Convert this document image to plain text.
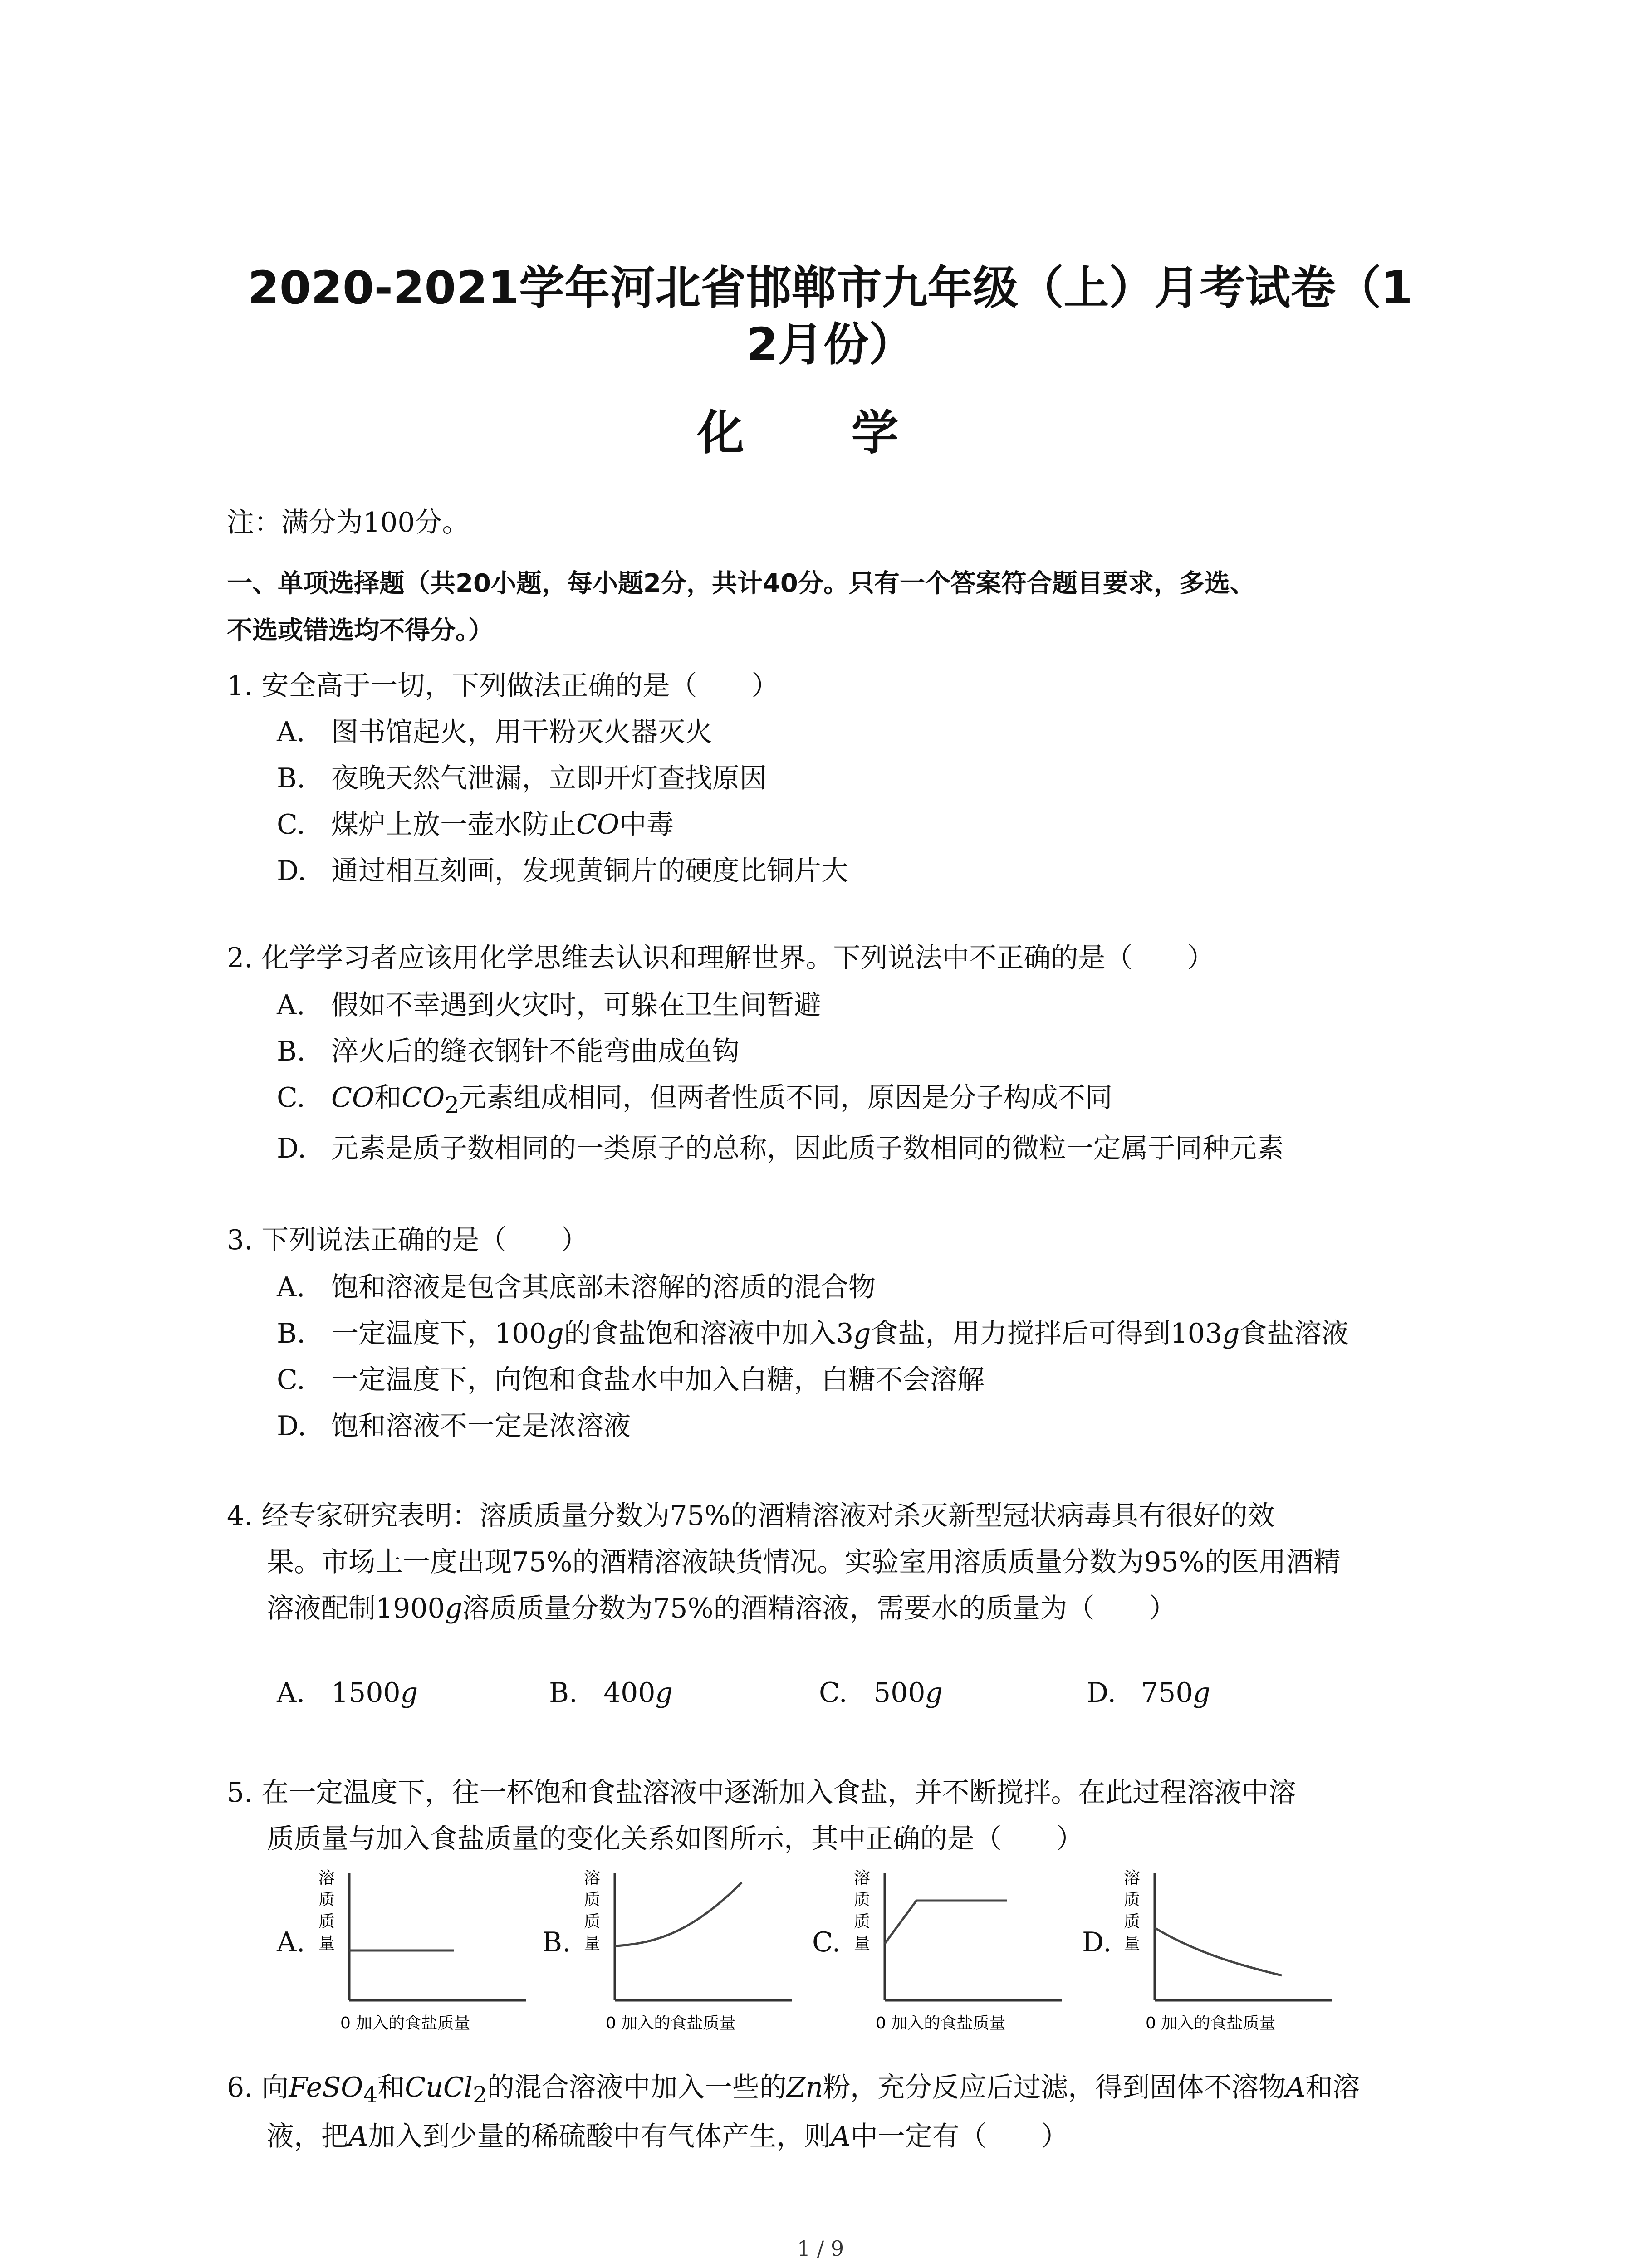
2020-2021学年河北省邯郸市九年级（上）月考试卷（1
2月份）
化 学
注：满分为100分。
一、单项选择题（共20小题，每小题2分，共计40分。只有一个答案符合题目要求，多选、
不选或错选均不得分。）
1. 安全高于一切，下列做法正确的是（　　）
A. 图书馆起火，用干粉灭火器灭火
B. 夜晚天然气泄漏，立即开灯查找原因
C. 煤炉上放一壶水防止CO中毒
D. 通过相互刻画，发现黄铜片的硬度比铜片大
2. 化学学习者应该用化学思维去认识和理解世界。下列说法中不正确的是（　　）
A. 假如不幸遇到火灾时，可躲在卫生间暂避
B. 淬火后的缝衣钢针不能弯曲成鱼钩
C. CO和$CO_2$元素组成相同，但两者性质不同，原因是分子构成不同
D. 元素是质子数相同的一类原子的总称，因此质子数相同的微粒一定属于同种元素
3. 下列说法正确的是（　　）
A. 饱和溶液是包含其底部未溶解的溶质的混合物
B. 一定温度下，100g的食盐饱和溶液中加入3g食盐，用力搅拌后可得到103g食盐溶液
C. 一定温度下，向饱和食盐水中加入白糖，白糖不会溶解
D. 饱和溶液不一定是浓溶液
4. 经专家研究表明：溶质质量分数为75%的酒精溶液对杀灭新型冠状病毒具有很好的效
果。市场上一度出现75%的酒精溶液缺货情况。实验室用溶质质量分数为95%的医用酒精
溶液配制1900g溶质质量分数为75%的酒精溶液，需要水的质量为（　　）
A. 1500g	B. 400g	C. 500g	D. 750g
5. 在一定温度下，往一杯饱和食盐溶液中逐渐加入食盐，并不断搅拌。在此过程溶液中溶
质质量与加入食盐质量的变化关系如图所示，其中正确的是（　　）
A.
溶
质
质
量
0 加入的食盐质量
B.
溶
质
质
量
0 加入的食盐质量
C.
溶
质
质
量
0 加入的食盐质量
D.
溶
质
质
量
0 加入的食盐质量
6. 向FeSO$_4$和CuCl$_2$的混合溶液中加入一些的Zn粉，充分反应后过滤，得到固体不溶物A和溶
液，把A加入到少量的稀硫酸中有气体产生，则A中一定有（　　）
1 / 9
